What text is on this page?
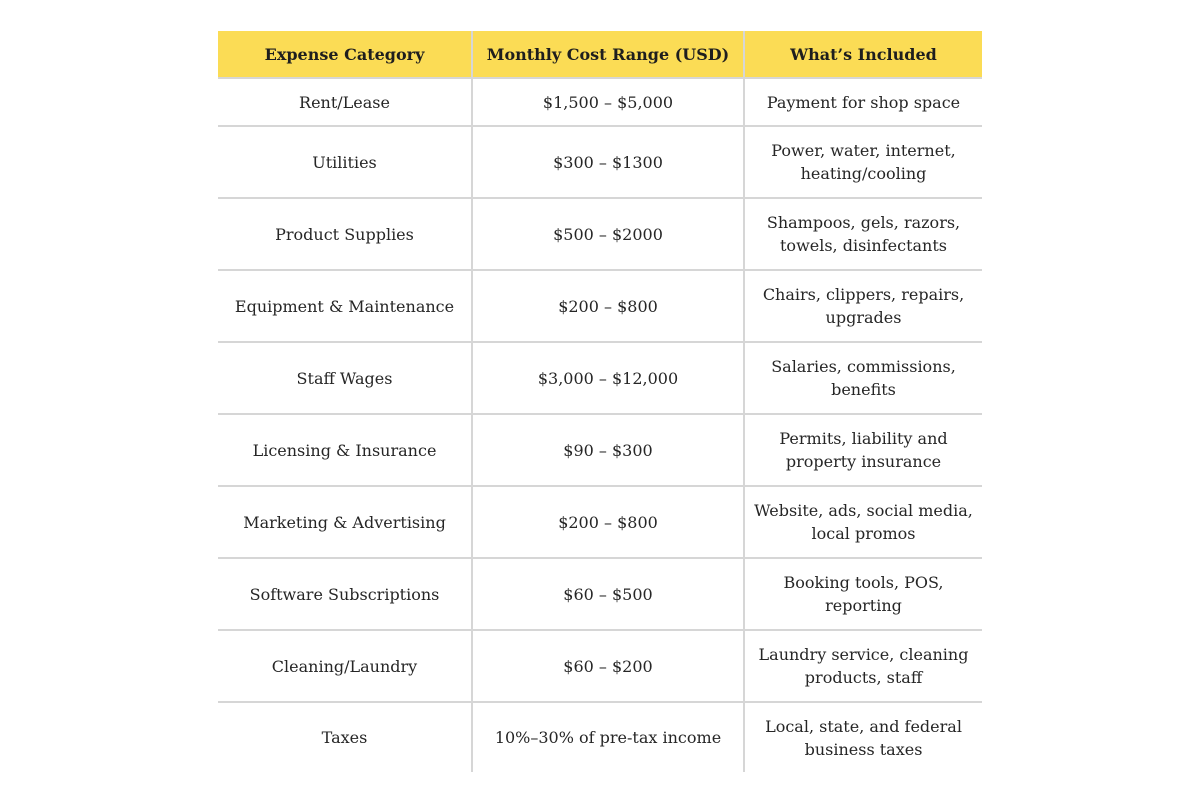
Expense Category	Monthly Cost Range (USD)	What’s Included
Rent/Lease	$1,500 – $5,000	Payment for shop space
Utilities	$300 – $1300	Power, water, internet, heating/cooling
Product Supplies	$500 – $2000	Shampoos, gels, razors, towels, disinfectants
Equipment & Maintenance	$200 – $800	Chairs, clippers, repairs, upgrades
Staff Wages	$3,000 – $12,000	Salaries, commissions, benefits
Licensing & Insurance	$90 – $300	Permits, liability and property insurance
Marketing & Advertising	$200 – $800	Website, ads, social media, local promos
Software Subscriptions	$60 – $500	Booking tools, POS, reporting
Cleaning/Laundry	$60 – $200	Laundry service, cleaning products, staff
Taxes	10%–30% of pre-tax income	Local, state, and federal business taxes
